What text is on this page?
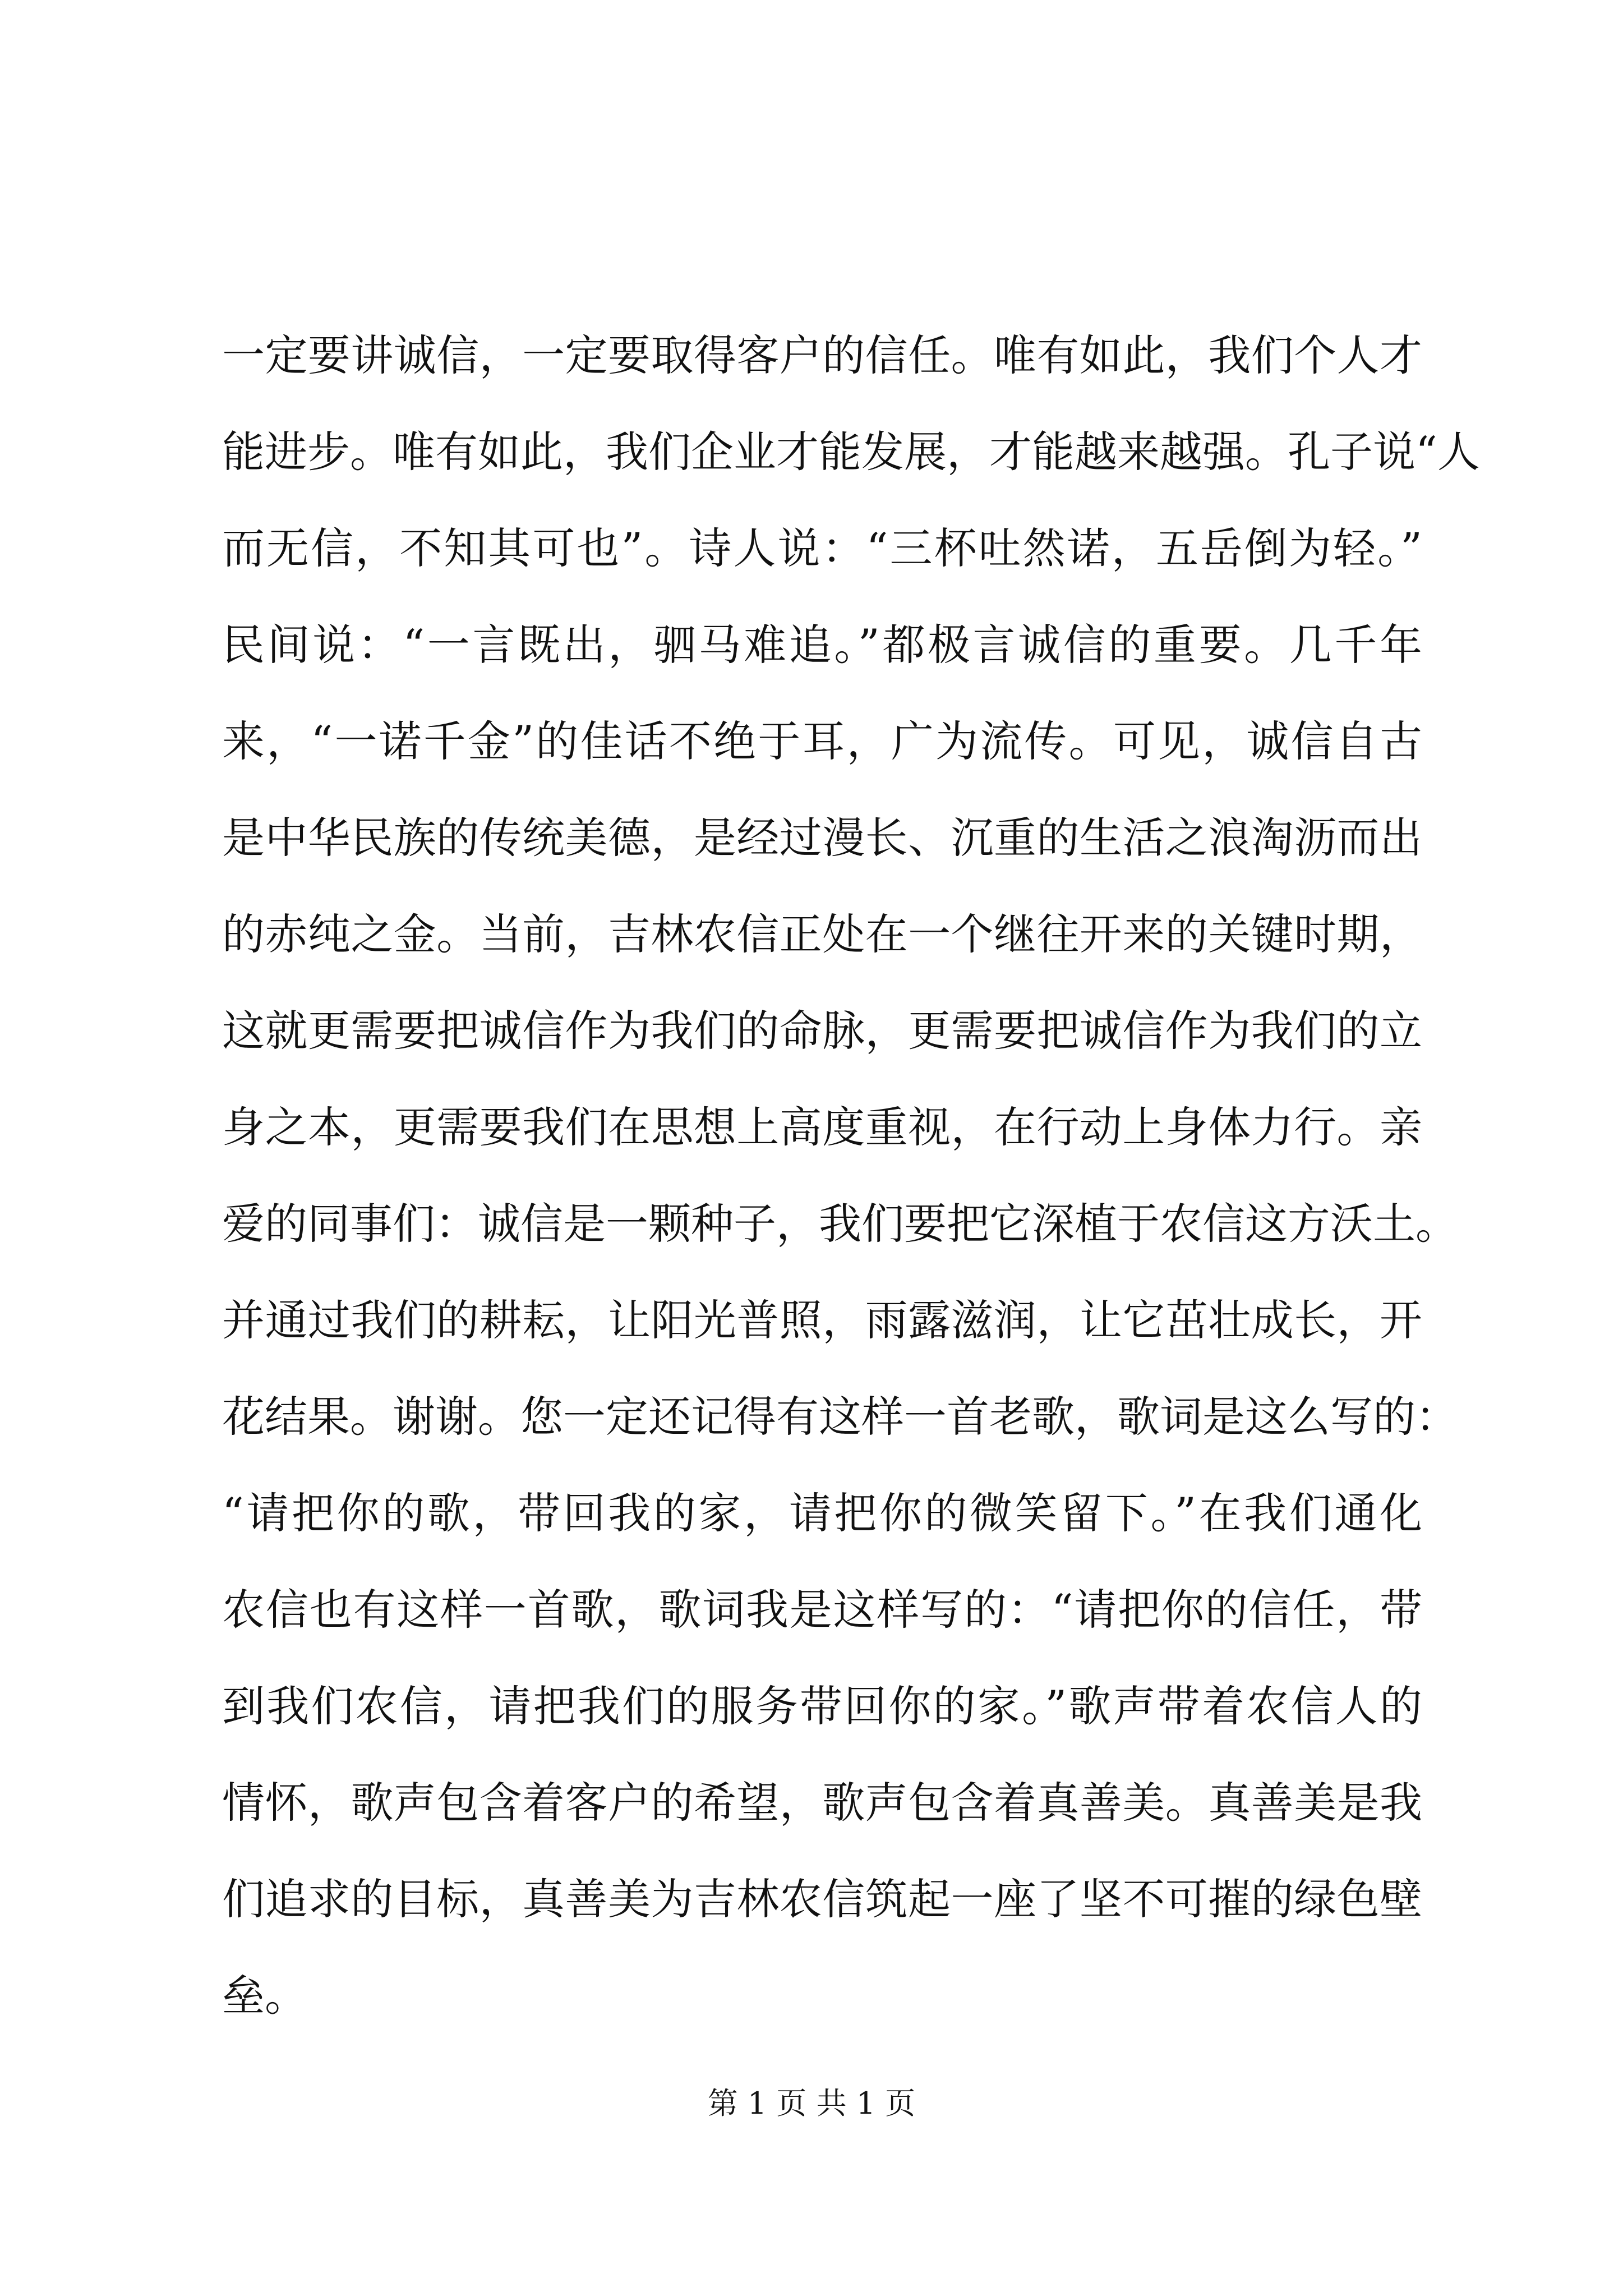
一定要讲诚信，一定要取得客户的信任。唯有如此，我们个人才
能进步。唯有如此，我们企业才能发展，才能越来越强。孔子说“人
而无信，不知其可也”。诗人说：“三杯吐然诺，五岳倒为轻。”
民间说：“一言既出，驷马难追。”都极言诚信的重要。几千年
来，“一诺千金”的佳话不绝于耳，广为流传。可见，诚信自古
是中华民族的传统美德，是经过漫长、沉重的生活之浪淘沥而出
的赤纯之金。当前，吉林农信正处在一个继往开来的关键时期，
这就更需要把诚信作为我们的命脉，更需要把诚信作为我们的立
身之本，更需要我们在思想上高度重视，在行动上身体力行。亲
爱的同事们：诚信是一颗种子，我们要把它深植于农信这方沃土。
并通过我们的耕耘，让阳光普照，雨露滋润，让它茁壮成长，开
花结果。谢谢。您一定还记得有这样一首老歌，歌词是这么写的：
“请把你的歌，带回我的家，请把你的微笑留下。”在我们通化
农信也有这样一首歌，歌词我是这样写的：“请把你的信任，带
到我们农信，请把我们的服务带回你的家。”歌声带着农信人的
情怀，歌声包含着客户的希望，歌声包含着真善美。真善美是我
们追求的目标，真善美为吉林农信筑起一座了坚不可摧的绿色壁
垒。
第 1 页 共 1 页
